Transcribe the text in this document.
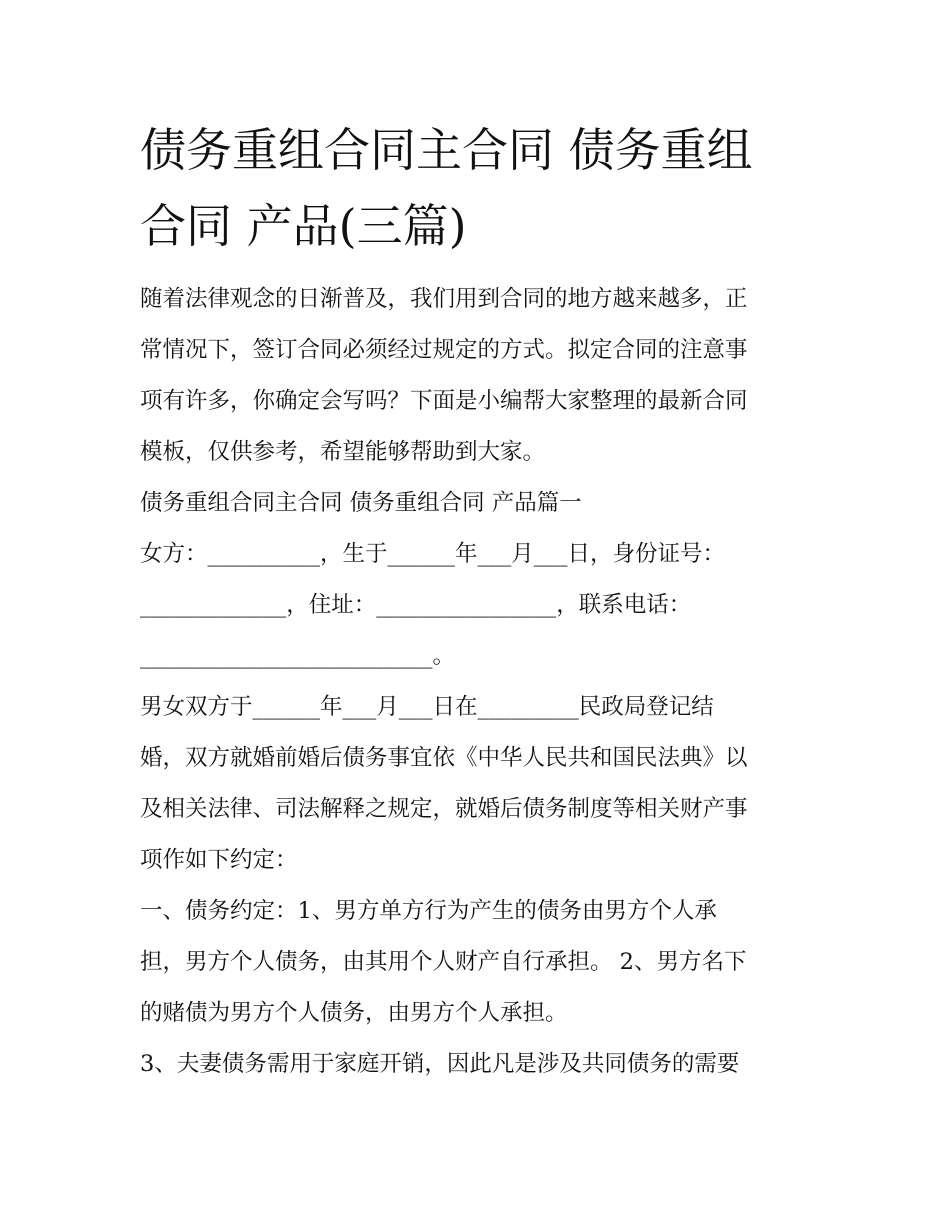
债务重组合同主合同 债务重组
合同 产品(三篇)
随着法律观念的日渐普及，我们用到合同的地方越来越多，正
常情况下，签订合同必须经过规定的方式。拟定合同的注意事
项有许多，你确定会写吗？下面是小编帮大家整理的最新合同
模板，仅供参考，希望能够帮助到大家。
债务重组合同主合同 债务重组合同 产品篇一
女方：__________，生于______年___月___日，身份证号：
_____________，住址：________________，联系电话：
__________________________。
男女双方于______年___月___日在_________民政局登记结
婚，双方就婚前婚后债务事宜依《中华人民共和国民法典》以
及相关法律、司法解释之规定，就婚后债务制度等相关财产事
项作如下约定：
一、债务约定：1、男方单方行为产生的债务由男方个人承
担，男方个人债务，由其用个人财产自行承担。 2、男方名下
的赌债为男方个人债务，由男方个人承担。
3、夫妻债务需用于家庭开销，因此凡是涉及共同债务的需要
